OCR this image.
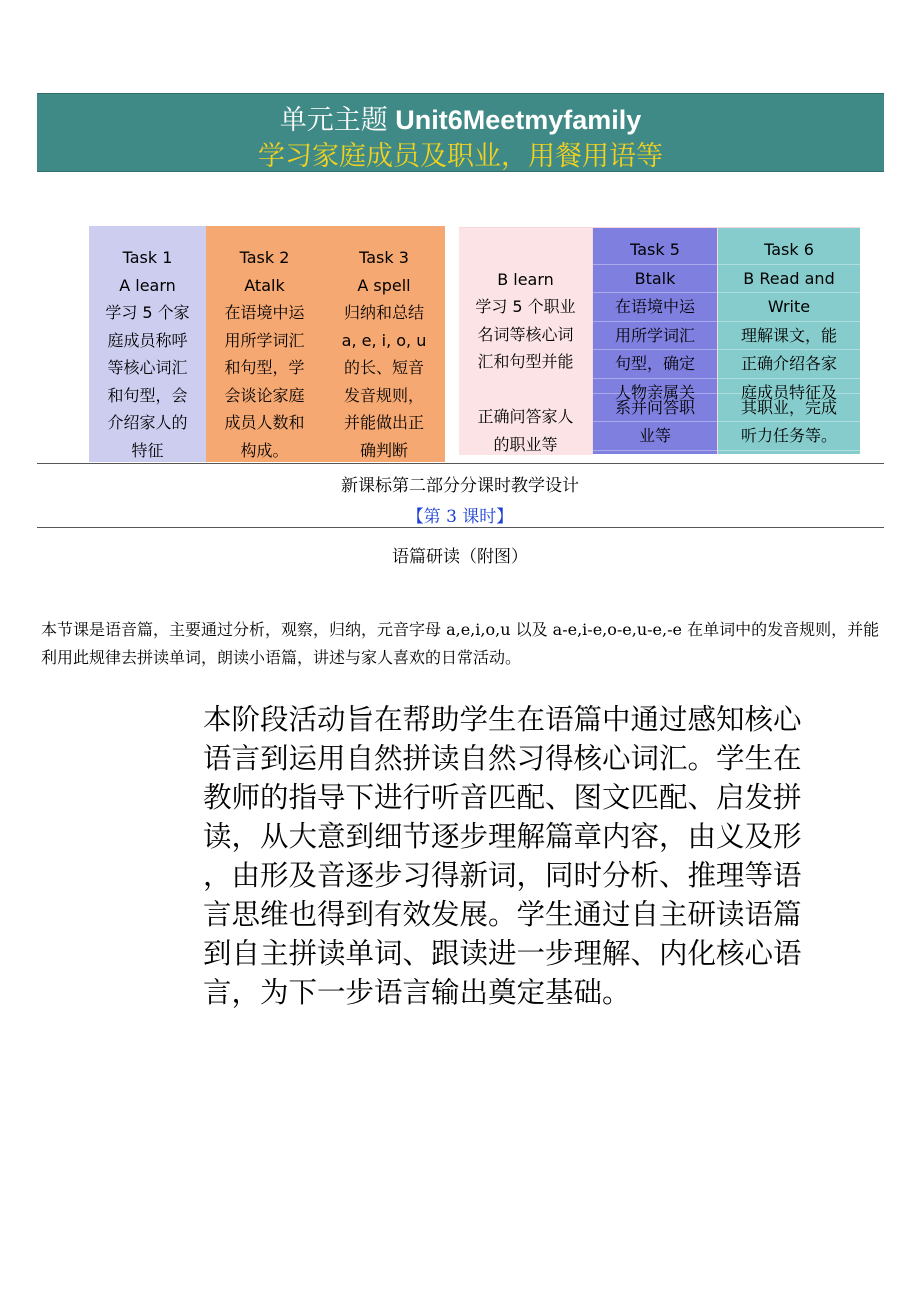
单元主题 Unit6Meetmyfamily
学习家庭成员及职业，用餐用语等
Task 1
A learn
学习 5 个家
庭成员称呼
等核心词汇
和句型，会
介绍家人的
特征
Task 2
Atalk
在语境中运
用所学词汇
和句型，学
会谈论家庭
成员人数和
构成。
Task 3
A spell
归纳和总结
a, e, i, o, u
的长、短音
发音规则，
并能做出正
确判断
B learn
学习 5 个职业
名词等核心词
汇和句型并能
正确问答家人
的职业等
Task 5
Btalk
在语境中运
用所学词汇
句型，确定
人物亲属关
系并问答职
业等
Task 6
B Read and
Write
理解课文，能
正确介绍各家
庭成员特征及
其职业，完成
听力任务等。
新课标第二部分分课时教学设计
【第 3 课时】
语篇研读（附图）
本节课是语音篇，主要通过分析，观察，归纳，元音字母 a,e,i,o,u 以及 a-e,i-e,o-e,u-e,-e 在单词中的发音规则，并能利用此规律去拼读单词，朗读小语篇，讲述与家人喜欢的日常活动。
本阶段活动旨在帮助学生在语篇中通过感知核心
语言到运用自然拼读自然习得核心词汇。学生在
教师的指导下进行听音匹配、图文匹配、启发拼
读，从大意到细节逐步理解篇章内容，由义及形
，由形及音逐步习得新词，同时分析、推理等语
言思维也得到有效发展。学生通过自主研读语篇
到自主拼读单词、跟读进一步理解、内化核心语
言，为下一步语言输出奠定基础。
